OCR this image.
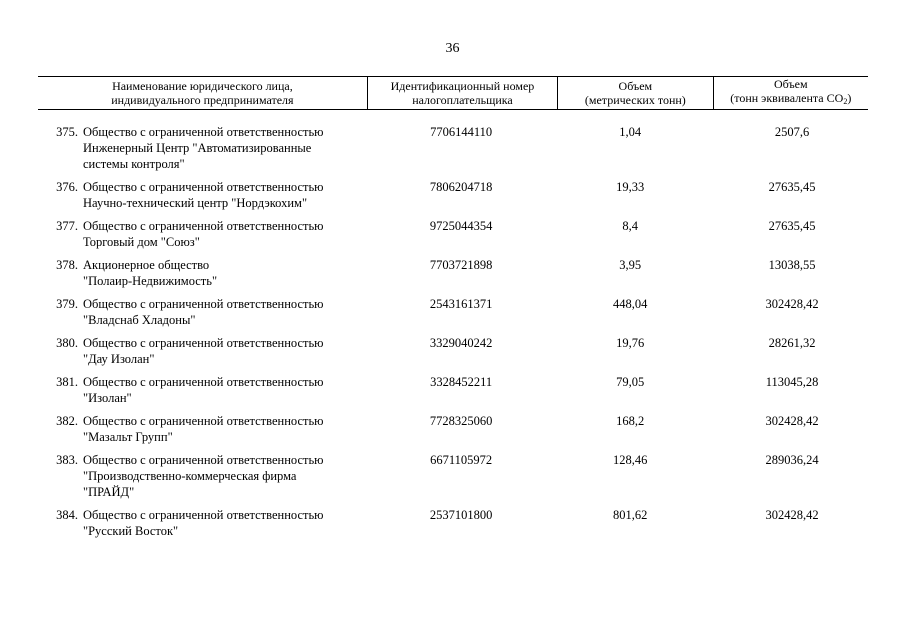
36
Наименование юридического лица,
индивидуального предпринимателя
Идентификационный номер
налогоплательщика
Объем
(метрических тонн)
Объем
(тонн эквивалента $CO_2$)
375. Общество с ограниченной ответственностью
Инженерный Центр "Автоматизированные
системы контроля"
7706144110	1,04	2507,6
376. Общество с ограниченной ответственностью
Научно-технический центр "Нордэкохим"
7806204718	19,33	27635,45
377. Общество с ограниченной ответственностью
Торговый дом "Союз"
9725044354	8,4	27635,45
378. Акционерное общество
"Полаир-Недвижимость"
7703721898	3,95	13038,55
379. Общество с ограниченной ответственностью
"Владснаб Хладоны"
2543161371	448,04	302428,42
380. Общество с ограниченной ответственностью
"Дау Изолан"
3329040242	19,76	28261,32
381. Общество с ограниченной ответственностью
"Изолан"
3328452211	79,05	113045,28
382. Общество с ограниченной ответственностью
"Мазальт Групп"
7728325060	168,2	302428,42
383. Общество с ограниченной ответственностью
"Производственно-коммерческая фирма
"ПРАЙД"
6671105972	128,46	289036,24
384. Общество с ограниченной ответственностью
"Русский Восток"
2537101800	801,62	302428,42
